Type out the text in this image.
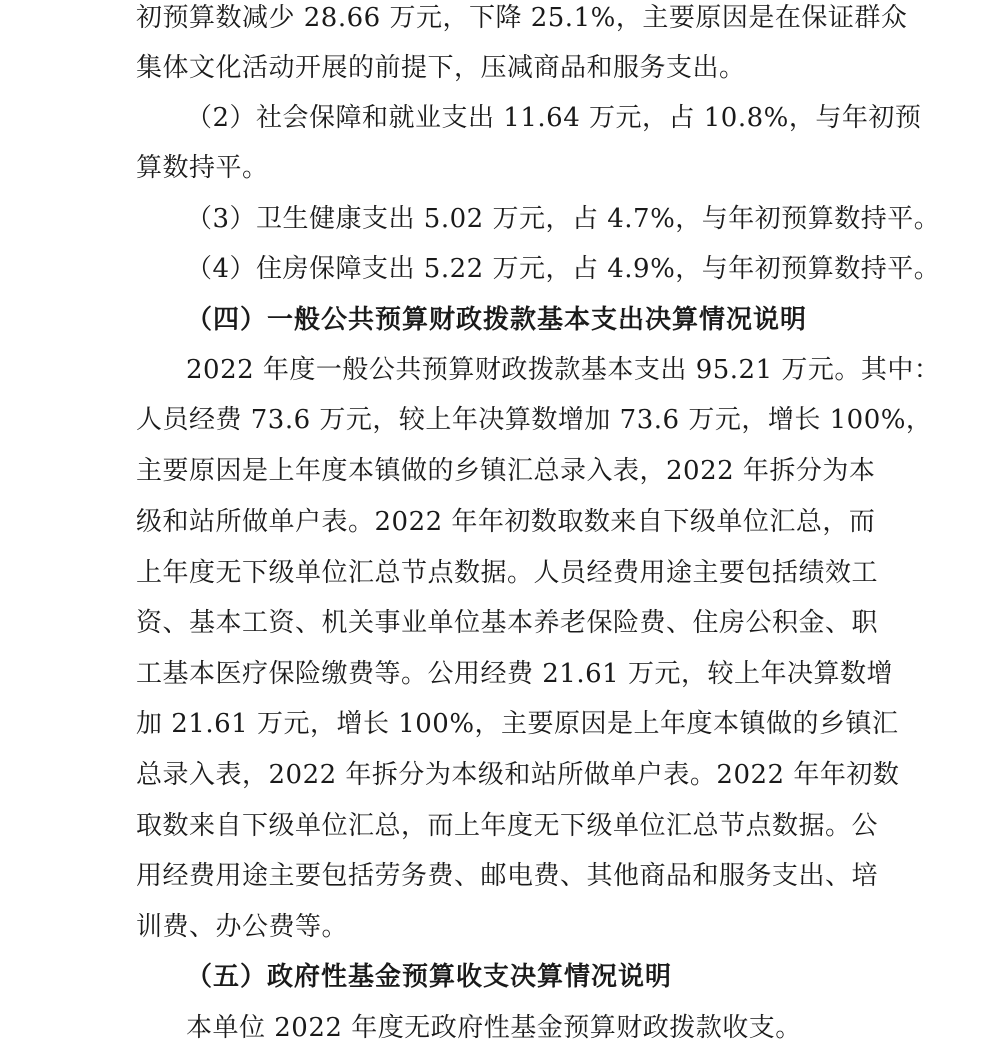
初预算数减少 28.66 万元，下降 25.1%，主要原因是在保证群众
集体文化活动开展的前提下，压减商品和服务支出。
（2）社会保障和就业支出 11.64 万元，占 10.8%，与年初预
算数持平。
（3）卫生健康支出 5.02 万元，占 4.7%，与年初预算数持平。
（4）住房保障支出 5.22 万元，占 4.9%，与年初预算数持平。
（四）一般公共预算财政拨款基本支出决算情况说明
2022 年度一般公共预算财政拨款基本支出 95.21 万元。其中：
人员经费 73.6 万元，较上年决算数增加 73.6 万元，增长 100%，
主要原因是上年度本镇做的乡镇汇总录入表，2022 年拆分为本
级和站所做单户表。2022 年年初数取数来自下级单位汇总，而
上年度无下级单位汇总节点数据。人员经费用途主要包括绩效工
资、基本工资、机关事业单位基本养老保险费、住房公积金、职
工基本医疗保险缴费等。公用经费 21.61 万元，较上年决算数增
加 21.61 万元，增长 100%，主要原因是上年度本镇做的乡镇汇
总录入表，2022 年拆分为本级和站所做单户表。2022 年年初数
取数来自下级单位汇总，而上年度无下级单位汇总节点数据。公
用经费用途主要包括劳务费、邮电费、其他商品和服务支出、培
训费、办公费等。
（五）政府性基金预算收支决算情况说明
本单位 2022 年度无政府性基金预算财政拨款收支。
